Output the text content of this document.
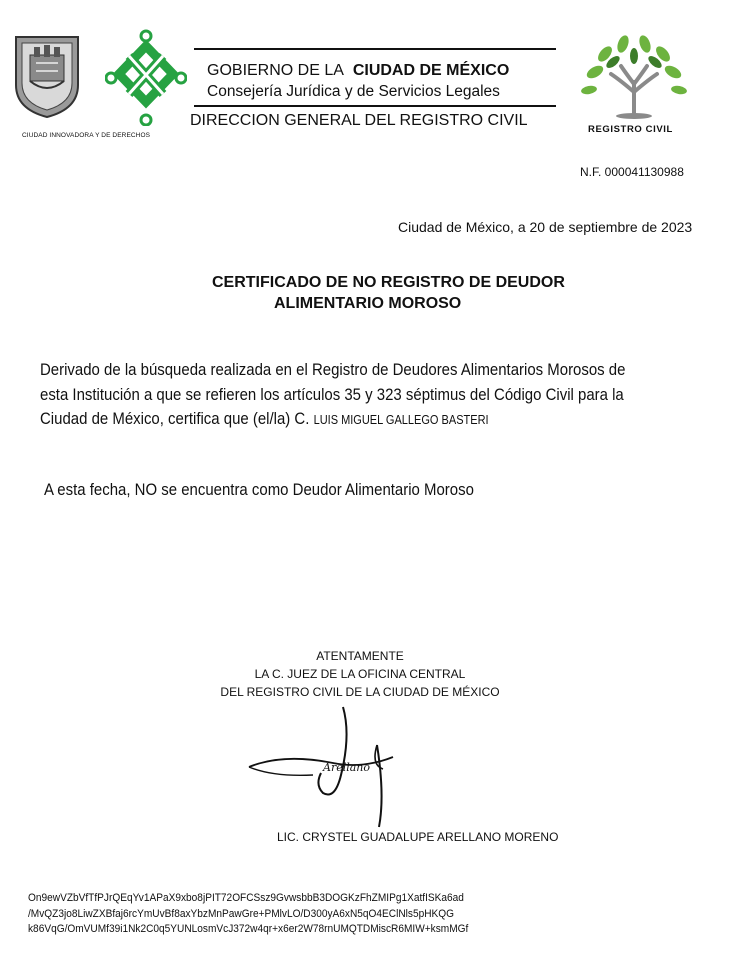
CIUDAD INNOVADORA Y DE DERECHOS
GOBIERNO DE LA CIUDAD DE MÉXICO
Consejería Jurídica y de Servicios Legales
DIRECCION GENERAL DEL REGISTRO CIVIL
REGISTRO CIVIL
N.F. 000041130988
Ciudad de México, a 20 de septiembre de 2023
CERTIFICADO DE NO REGISTRO DE DEUDOR
ALIMENTARIO MOROSO
Derivado de la búsqueda realizada en el Registro de Deudores Alimentarios Morosos de esta Institución a que se refieren los artículos 35 y 323 séptimus del Código Civil para la Ciudad de México, certifica que (el/la) C. LUIS MIGUEL GALLEGO BASTERI
A esta fecha, NO se encuentra como Deudor Alimentario Moroso
ATENTAMENTE
LA C. JUEZ DE LA OFICINA CENTRAL
DEL REGISTRO CIVIL DE LA CIUDAD DE MÉXICO
Arellano
LIC. CRYSTEL GUADALUPE ARELLANO MORENO
On9ewVZbVfTfPJrQEqYv1APaX9xbo8jPIT72OFCSsz9GvwsbbB3DOGKzFhZMIPg1XatfISKa6ad
/MvQZ3jo8LiwZXBfaj6rcYmUvBf8axYbzMnPawGre+PMlvLO/D300yA6xN5qO4EClNls5pHKQG
k86VqG/OmVUMf39i1Nk2C0q5YUNLosmVcJ372w4qr+x6er2W78rnUMQTDMiscR6MIW+ksmMGf
